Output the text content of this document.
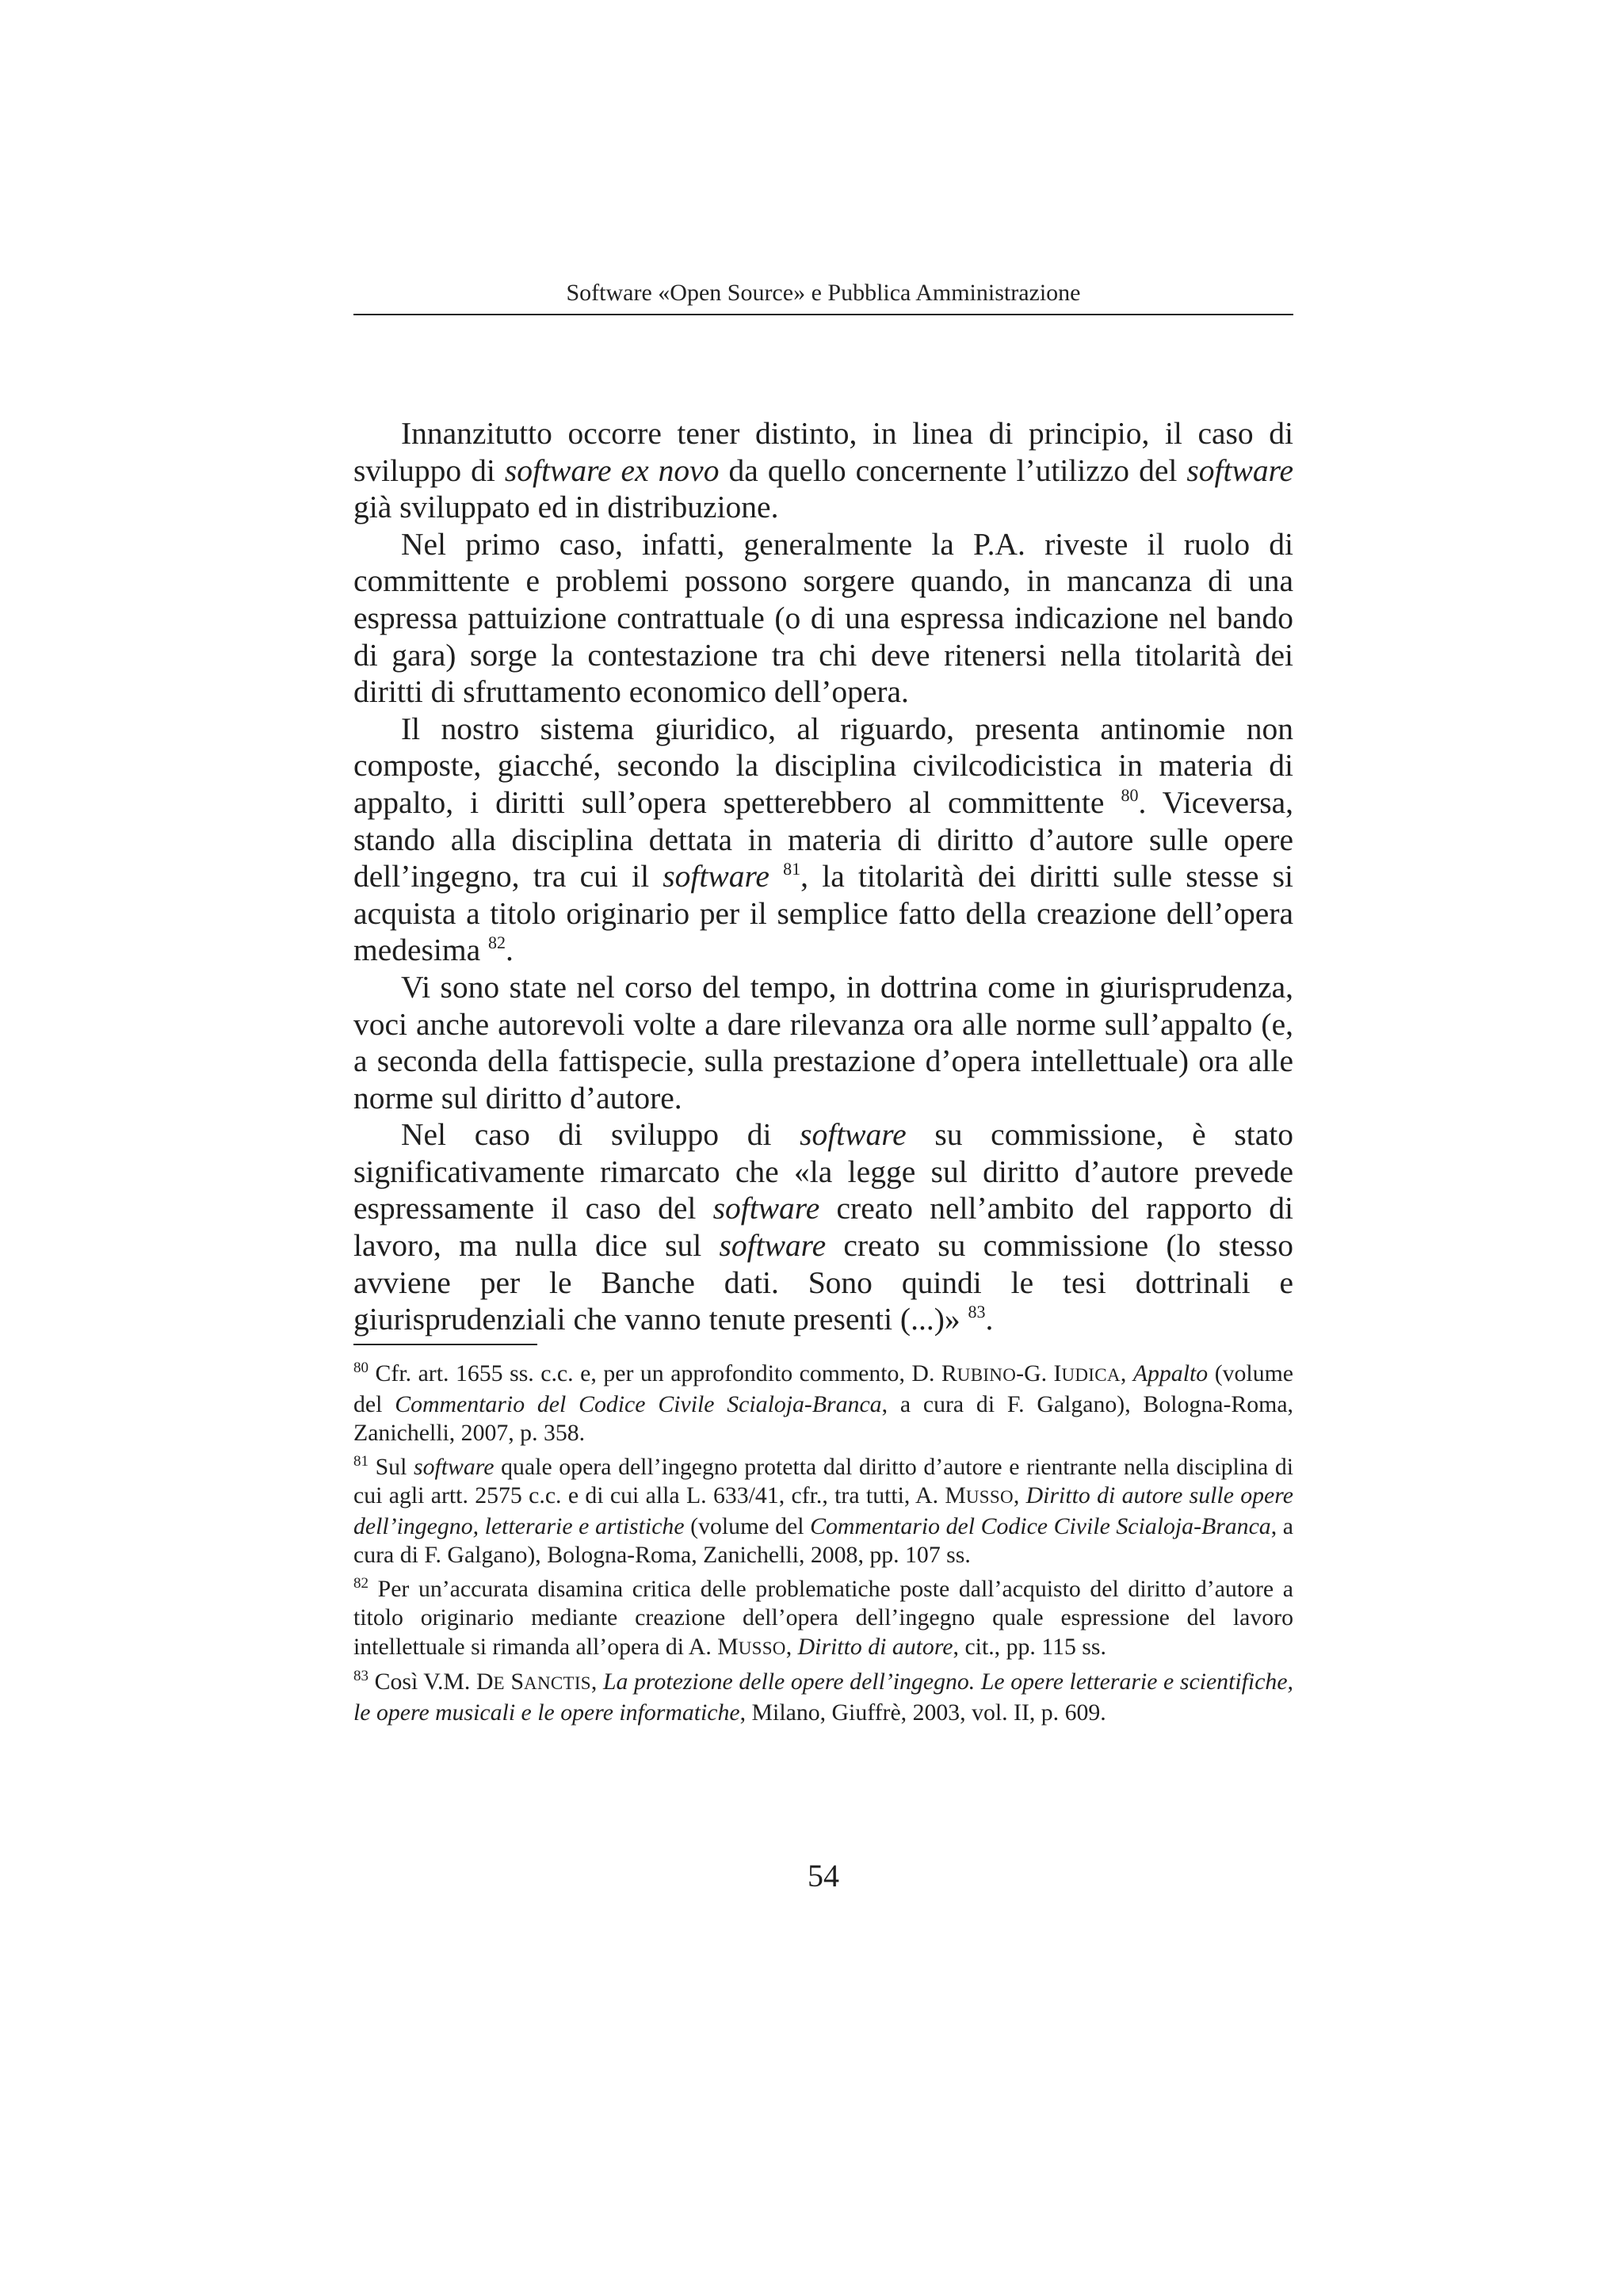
Software «Open Source» e Pubblica Amministrazione

Innanzitutto occorre tener distinto, in linea di principio, il caso di sviluppo di software ex novo da quello concernente l’utilizzo del software già sviluppato ed in distribuzione.

Nel primo caso, infatti, generalmente la P.A. riveste il ruolo di committente e problemi possono sorgere quando, in mancanza di una espressa pattuizione contrattuale (o di una espressa indicazione nel bando di gara) sorge la contestazione tra chi deve ritenersi nella titolarità dei diritti di sfruttamento economico dell’opera.

Il nostro sistema giuridico, al riguardo, presenta antinomie non composte, giacché, secondo la disciplina civilcodicistica in materia di appalto, i diritti sull’opera spetterebbero al committente $^{80}$. Viceversa, stando alla disciplina dettata in materia di diritto d’autore sulle opere dell’ingegno, tra cui il software $^{81}$, la titolarità dei diritti sulle stesse si acquista a titolo originario per il semplice fatto della creazione dell’opera medesima $^{82}$.

Vi sono state nel corso del tempo, in dottrina come in giurisprudenza, voci anche autorevoli volte a dare rilevanza ora alle norme sull’appalto (e, a seconda della fattispecie, sulla prestazione d’opera intellettuale) ora alle norme sul diritto d’autore.

Nel caso di sviluppo di software su commissione, è stato significativamente rimarcato che «la legge sul diritto d’autore prevede espressamente il caso del software creato nell’ambito del rapporto di lavoro, ma nulla dice sul software creato su commissione (lo stesso avviene per le Banche dati. Sono quindi le tesi dottrinali e giurisprudenziali che vanno tenute presenti (...)» $^{83}$.

$^{80}$ Cfr. art. 1655 ss. c.c. e, per un approfondito commento, D. RUBINO-G. IUDICA, Appalto (volume del Commentario del Codice Civile Scialoja-Branca, a cura di F. Galgano), Bologna-Roma, Zanichelli, 2007, p. 358.

$^{81}$ Sul software quale opera dell’ingegno protetta dal diritto d’autore e rientrante nella disciplina di cui agli artt. 2575 c.c. e di cui alla L. 633/41, cfr., tra tutti, A. MUSSO, Diritto di autore sulle opere dell’ingegno, letterarie e artistiche (volume del Commentario del Codice Civile Scialoja-Branca, a cura di F. Galgano), Bologna-Roma, Zanichelli, 2008, pp. 107 ss.

$^{82}$ Per un’accurata disamina critica delle problematiche poste dall’acquisto del diritto d’autore a titolo originario mediante creazione dell’opera dell’ingegno quale espressione del lavoro intellettuale si rimanda all’opera di A. MUSSO, Diritto di autore, cit., pp. 115 ss.

$^{83}$ Così V.M. DE SANCTIS, La protezione delle opere dell’ingegno. Le opere letterarie e scientifiche, le opere musicali e le opere informatiche, Milano, Giuffrè, 2003, vol. II, p. 609.

54
